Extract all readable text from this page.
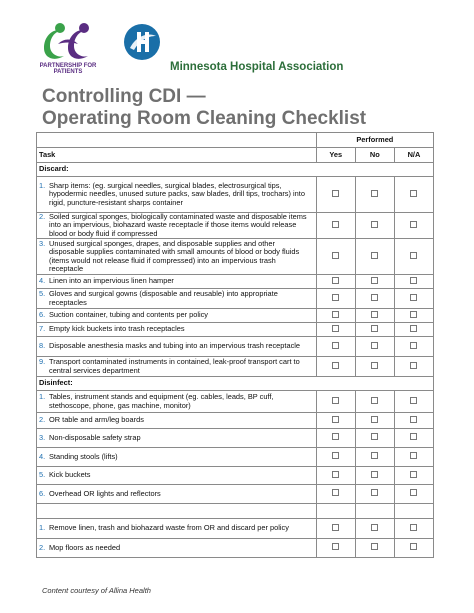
PARTNERSHIP FOR PATIENTS	Minnesota Hospital Association
Controlling CDI —
Operating Room Cleaning Checklist
	Performed		
Task	Yes	No	N/A
Discard:			
1. Sharp items: (eg. surgical needles, surgical blades, electrosurgical tips, hypodermic needles, unused suture packs, saw blades, drill tips, trochars) into rigid, puncture-resistant sharps container			
2. Soiled surgical sponges, biologically contaminated waste and disposable items into an impervious, biohazard waste receptacle if those items would release blood or body fluid if compressed			
3. Unused surgical sponges, drapes, and disposable supplies and other disposable supplies contaminated with small amounts of blood or body fluids (items would not release fluid if compressed) into an impervious trash receptacle			
4. Linen into an impervious linen hamper			
5. Gloves and surgical gowns (disposable and reusable) into appropriate receptacles			
6. Suction container, tubing and contents per policy			
7. Empty kick buckets into trash receptacles			
8. Disposable anesthesia masks and tubing into an impervious trash receptacle			
9. Transport contaminated instruments in contained, leak-proof transport cart to central services department			
Disinfect:			
1. Tables, instrument stands and equipment (eg. cables, leads, BP cuff, stethoscope, phone, gas machine, monitor)			
2. OR table and arm/leg boards			
3. Non-disposable safety strap			
4. Standing stools (lifts)			
5. Kick buckets			
6. Overhead OR lights and reflectors			

1. Remove linen, trash and biohazard waste from OR and discard per policy			
2. Mop floors as needed			
Content courtesy of Allina Health
